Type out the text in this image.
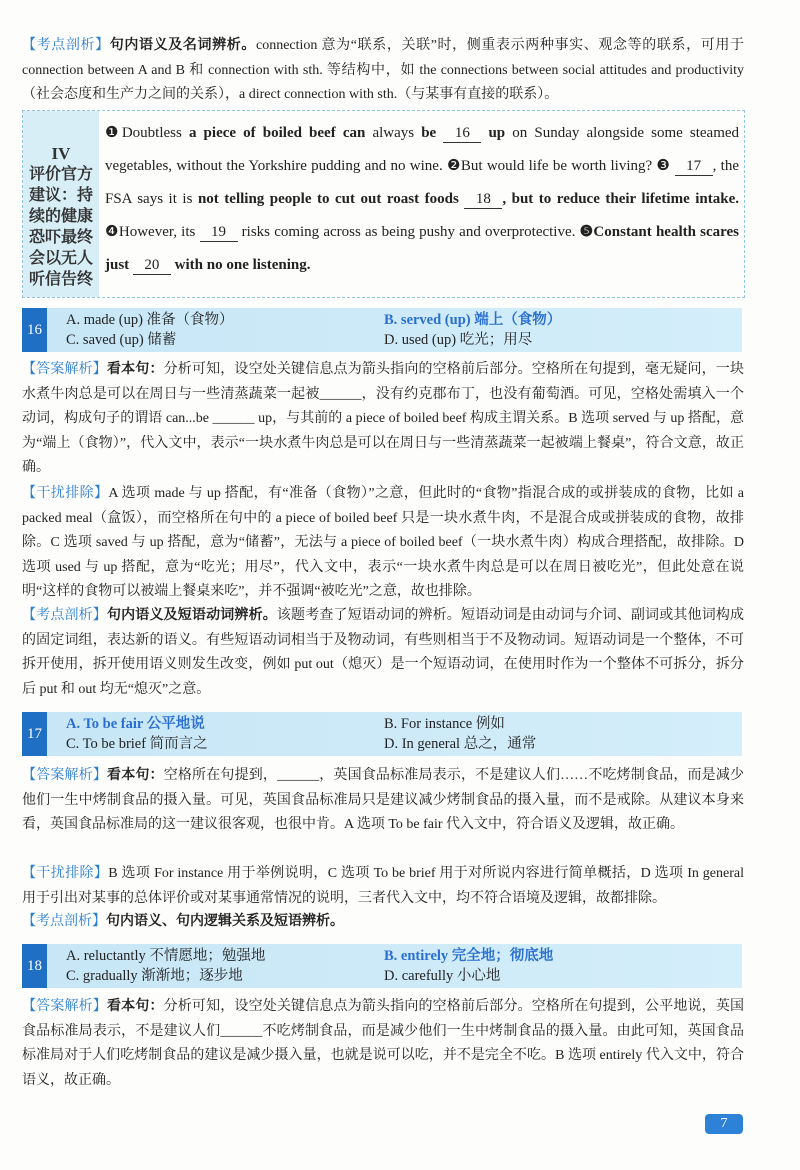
【考点剖析】句内语义及名词辨析。connection 意为“联系，关联”时，侧重表示两种事实、观念等的联系，可用于 connection between A and B 和 connection with sth. 等结构中，如 the connections between social attitudes and productivity（社会态度和生产力之间的关系），a direct connection with sth.（与某事有直接的联系）。
IV
评价官方建议：持续的健康恐吓最终会以无人听信告终
❶Doubtless a piece of boiled beef can always be 16 up on Sunday alongside some steamed vegetables, without the Yorkshire pudding and no wine. ❷But would life be worth living? ❸ 17 , the FSA says it is not telling people to cut out roast foods 18 , but to reduce their lifetime intake. ❹However, its 19 risks coming across as being pushy and overprotective. ❺Constant health scares just 20 with no one listening.
16
A. made (up) 准备（食物）	B. served (up) 端上（食物）
C. saved (up) 储蓄	D. used (up) 吃光；用尽
【答案解析】看本句：分析可知，设空处关键信息点为箭头指向的空格前后部分。空格所在句提到，毫无疑问，一块水煮牛肉总是可以在周日与一些清蒸蔬菜一起被______，没有约克郡布丁，也没有葡萄酒。可见，空格处需填入一个动词，构成句子的谓语 can...be ______ up，与其前的 a piece of boiled beef 构成主谓关系。B 选项 served 与 up 搭配，意为“端上（食物）”，代入文中，表示“一块水煮牛肉总是可以在周日与一些清蒸蔬菜一起被端上餐桌”，符合文意，故正确。
【干扰排除】A 选项 made 与 up 搭配，有“准备（食物）”之意，但此时的“食物”指混合成的或拼装成的食物，比如 a packed meal（盒饭），而空格所在句中的 a piece of boiled beef 只是一块水煮牛肉，不是混合成或拼装成的食物，故排除。C 选项 saved 与 up 搭配，意为“储蓄”，无法与 a piece of boiled beef（一块水煮牛肉）构成合理搭配，故排除。D 选项 used 与 up 搭配，意为“吃光；用尽”，代入文中，表示“一块水煮牛肉总是可以在周日被吃光”，但此处意在说明“这样的食物可以被端上餐桌来吃”，并不强调“被吃光”之意，故也排除。
【考点剖析】句内语义及短语动词辨析。该题考查了短语动词的辨析。短语动词是由动词与介词、副词或其他词构成的固定词组，表达新的语义。有些短语动词相当于及物动词，有些则相当于不及物动词。短语动词是一个整体，不可拆开使用，拆开使用语义则发生改变，例如 put out（熄灭）是一个短语动词，在使用时作为一个整体不可拆分，拆分后 put 和 out 均无“熄灭”之意。
17
A. To be fair 公平地说	B. For instance 例如
C. To be brief 简而言之	D. In general 总之，通常
【答案解析】看本句：空格所在句提到，______，英国食品标准局表示，不是建议人们……不吃烤制食品，而是减少他们一生中烤制食品的摄入量。可见，英国食品标准局只是建议减少烤制食品的摄入量，而不是戒除。从建议本身来看，英国食品标准局的这一建议很客观，也很中肯。A 选项 To be fair 代入文中，符合语义及逻辑，故正确。
【干扰排除】B 选项 For instance 用于举例说明，C 选项 To be brief 用于对所说内容进行简单概括，D 选项 In general 用于引出对某事的总体评价或对某事通常情况的说明，三者代入文中，均不符合语境及逻辑，故都排除。
【考点剖析】句内语义、句内逻辑关系及短语辨析。
18
A. reluctantly 不情愿地；勉强地	B. entirely 完全地；彻底地
C. gradually 渐渐地；逐步地	D. carefully 小心地
【答案解析】看本句：分析可知，设空处关键信息点为箭头指向的空格前后部分。空格所在句提到，公平地说，英国食品标准局表示，不是建议人们______不吃烤制食品，而是减少他们一生中烤制食品的摄入量。由此可知，英国食品标准局对于人们吃烤制食品的建议是减少摄入量，也就是说可以吃，并不是完全不吃。B 选项 entirely 代入文中，符合语义，故正确。
7
